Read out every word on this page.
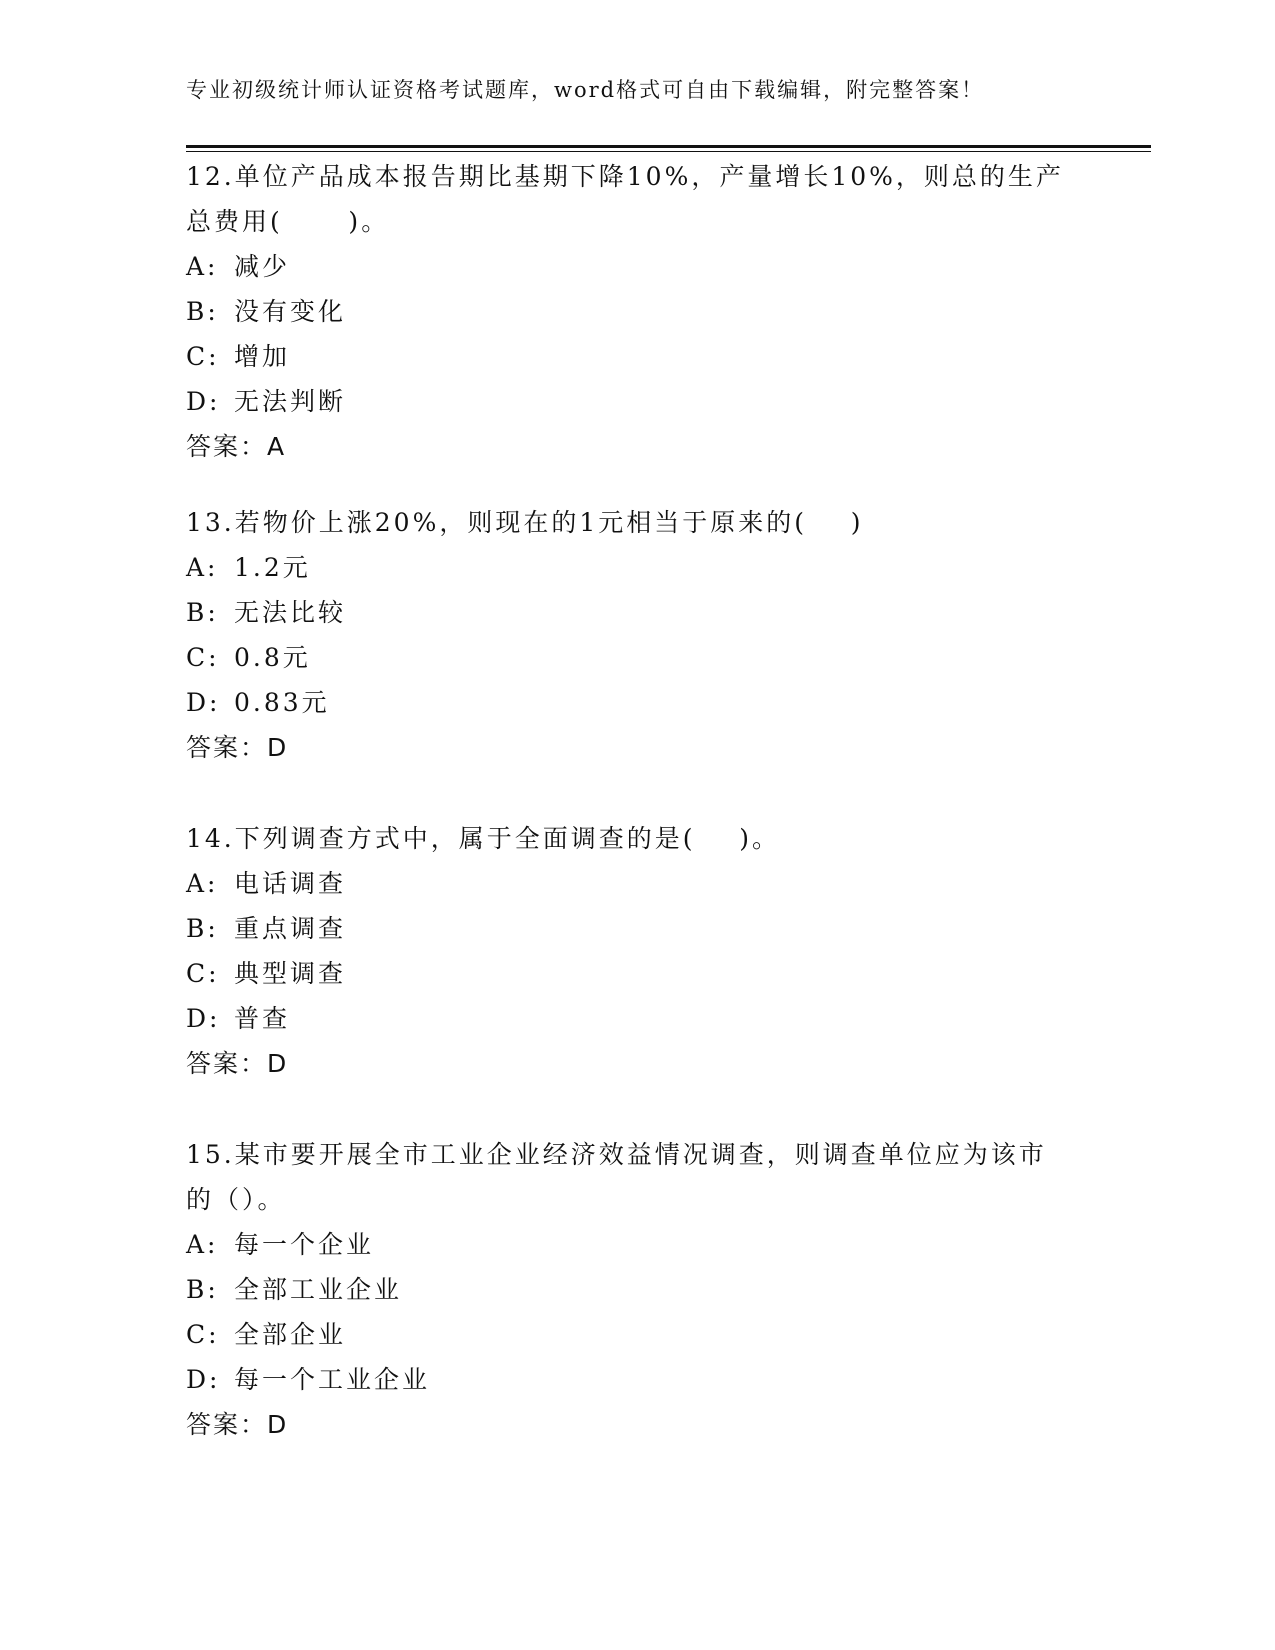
专业初级统计师认证资格考试题库，word格式可自由下载编辑，附完整答案！
12.单位产品成本报告期比基期下降10%，产量增长10%，则总的生产
总费用(      )。
A: 减少
B: 没有变化
C: 增加
D: 无法判断
答案：A
13.若物价上涨20%，则现在的1元相当于原来的(    )
A: 1.2元
B: 无法比较
C: 0.8元
D: 0.83元
答案：D
14.下列调查方式中，属于全面调查的是(    )。
A: 电话调查
B: 重点调查
C: 典型调查
D: 普查
答案：D
15.某市要开展全市工业企业经济效益情况调查，则调查单位应为该市
的（）。
A: 每一个企业
B: 全部工业企业
C: 全部企业
D: 每一个工业企业
答案：D
